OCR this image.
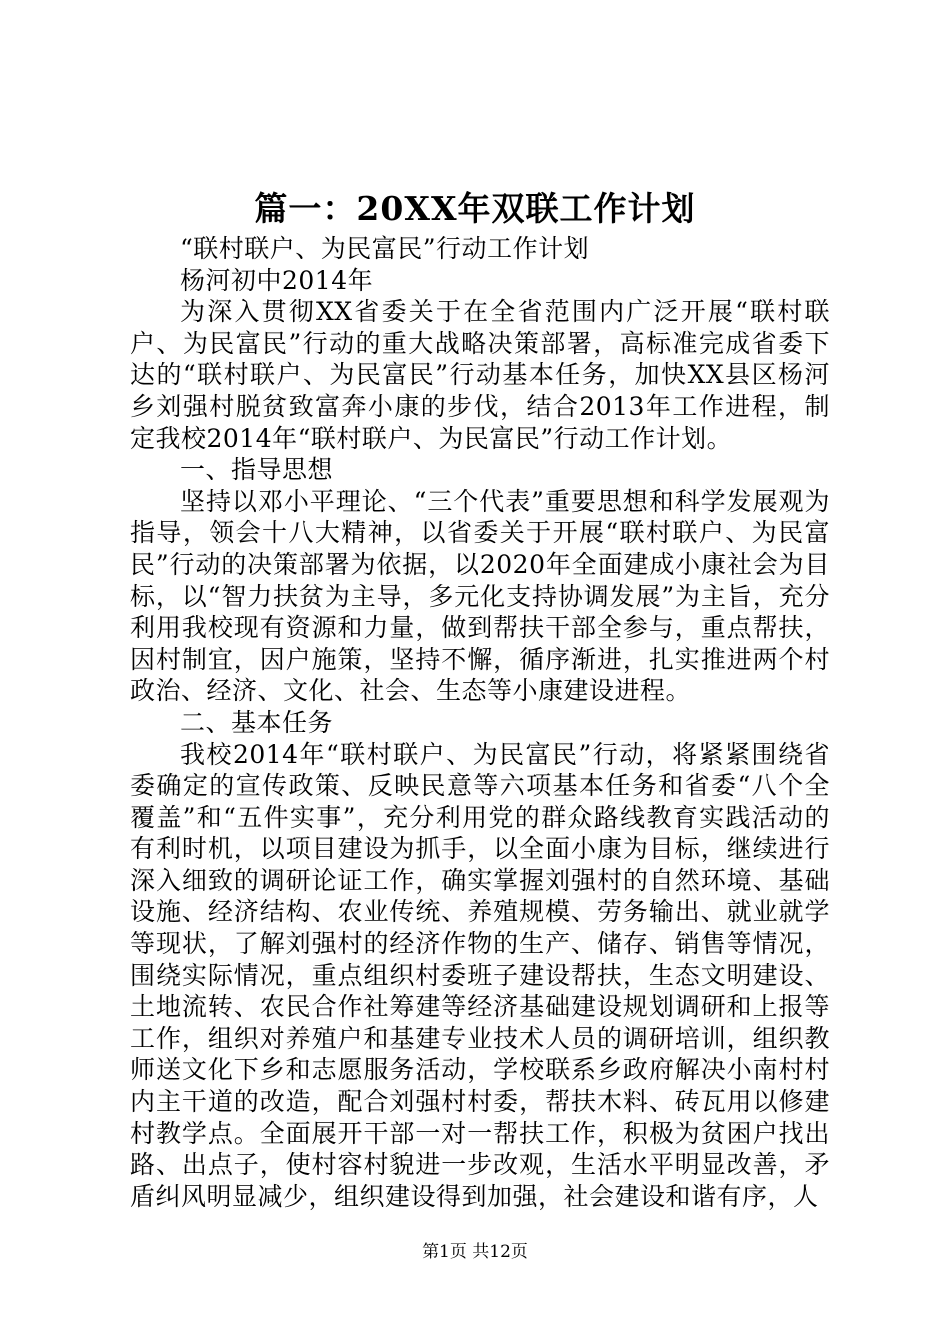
篇一：20XX年双联工作计划

“联村联户、为民富民”行动工作计划

杨河初中2014年

为深入贯彻XX省委关于在全省范围内广泛开展“联村联户、为民富民”行动的重大战略决策部署，高标准完成省委下达的“联村联户、为民富民”行动基本任务，加快XX县区杨河乡刘强村脱贫致富奔小康的步伐，结合2013年工作进程，制定我校2014年“联村联户、为民富民”行动工作计划。

一、指导思想

坚持以邓小平理论、“三个代表”重要思想和科学发展观为指导，领会十八大精神，以省委关于开展“联村联户、为民富民”行动的决策部署为依据，以2020年全面建成小康社会为目标，以“智力扶贫为主导，多元化支持协调发展”为主旨，充分利用我校现有资源和力量，做到帮扶干部全参与，重点帮扶，因村制宜，因户施策，坚持不懈，循序渐进，扎实推进两个村政治、经济、文化、社会、生态等小康建设进程。

二、基本任务

我校2014年“联村联户、为民富民”行动，将紧紧围绕省委确定的宣传政策、反映民意等六项基本任务和省委“八个全覆盖”和“五件实事”，充分利用党的群众路线教育实践活动的有利时机，以项目建设为抓手，以全面小康为目标，继续进行深入细致的调研论证工作，确实掌握刘强村的自然环境、基础设施、经济结构、农业传统、养殖规模、劳务输出、就业就学等现状，了解刘强村的经济作物的生产、储存、销售等情况，围绕实际情况，重点组织村委班子建设帮扶，生态文明建设、土地流转、农民合作社筹建等经济基础建设规划调研和上报等工作，组织对养殖户和基建专业技术人员的调研培训，组织教师送文化下乡和志愿服务活动，学校联系乡政府解决小南村村内主干道的改造，配合刘强村村委，帮扶木料、砖瓦用以修建村教学点。全面展开干部一对一帮扶工作，积极为贫困户找出路、出点子，使村容村貌进一步改观，生活水平明显改善，矛盾纠风明显减少，组织建设得到加强，社会建设和谐有序，人

第1页 共12页
